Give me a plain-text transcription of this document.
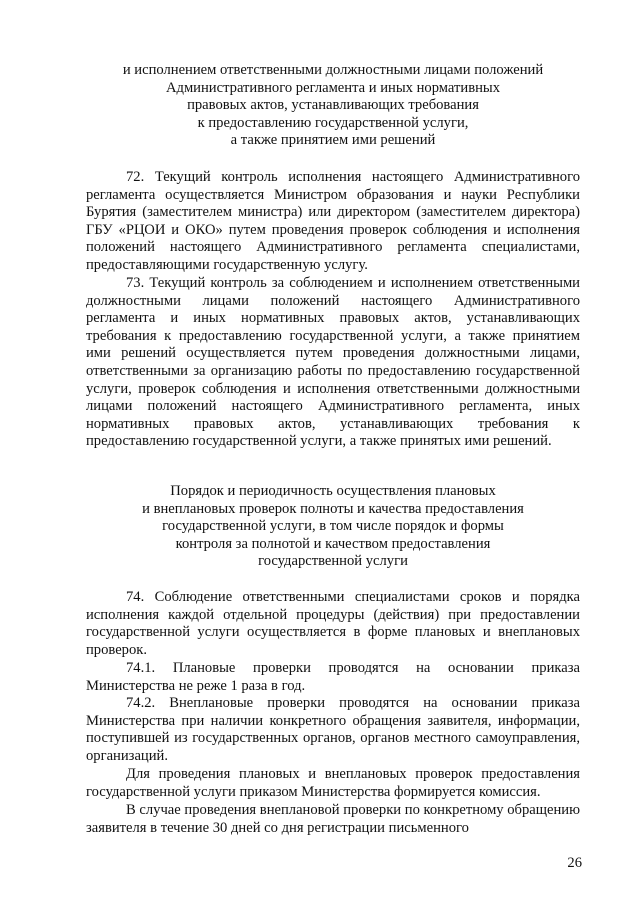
и исполнением ответственными должностными лицами положений
Административного регламента и иных нормативных
правовых актов, устанавливающих требования
к предоставлению государственной услуги,
а также принятием ими решений

72. Текущий контроль исполнения настоящего Административного регламента осуществляется Министром образования и науки Республики Бурятия (заместителем министра) или директором (заместителем директора) ГБУ «РЦОИ и ОКО» путем проведения проверок соблюдения и исполнения положений настоящего Административного регламента специалистами, предоставляющими государственную услугу.

73. Текущий контроль за соблюдением и исполнением ответственными должностными лицами положений настоящего Административного регламента и иных нормативных правовых актов, устанавливающих требования к предоставлению государственной услуги, а также принятием ими решений осуществляется путем проведения должностными лицами, ответственными за организацию работы по предоставлению государственной услуги, проверок соблюдения и исполнения ответственными должностными лицами положений настоящего Административного регламента, иных нормативных правовых актов, устанавливающих требования к предоставлению государственной услуги, а также принятых ими решений.

Порядок и периодичность осуществления плановых
и внеплановых проверок полноты и качества предоставления
государственной услуги, в том числе порядок и формы
контроля за полнотой и качеством предоставления
государственной услуги

74. Соблюдение ответственными специалистами сроков и порядка исполнения каждой отдельной процедуры (действия) при предоставлении государственной услуги осуществляется в форме плановых и внеплановых проверок.

74.1. Плановые проверки проводятся на основании приказа Министерства не реже 1 раза в год.

74.2. Внеплановые проверки проводятся на основании приказа Министерства при наличии конкретного обращения заявителя, информации, поступившей из государственных органов, органов местного самоуправления, организаций.

Для проведения плановых и внеплановых проверок предоставления государственной услуги приказом Министерства формируется комиссия.

В случае проведения внеплановой проверки по конкретному обращению заявителя в течение 30 дней со дня регистрации письменного

26
